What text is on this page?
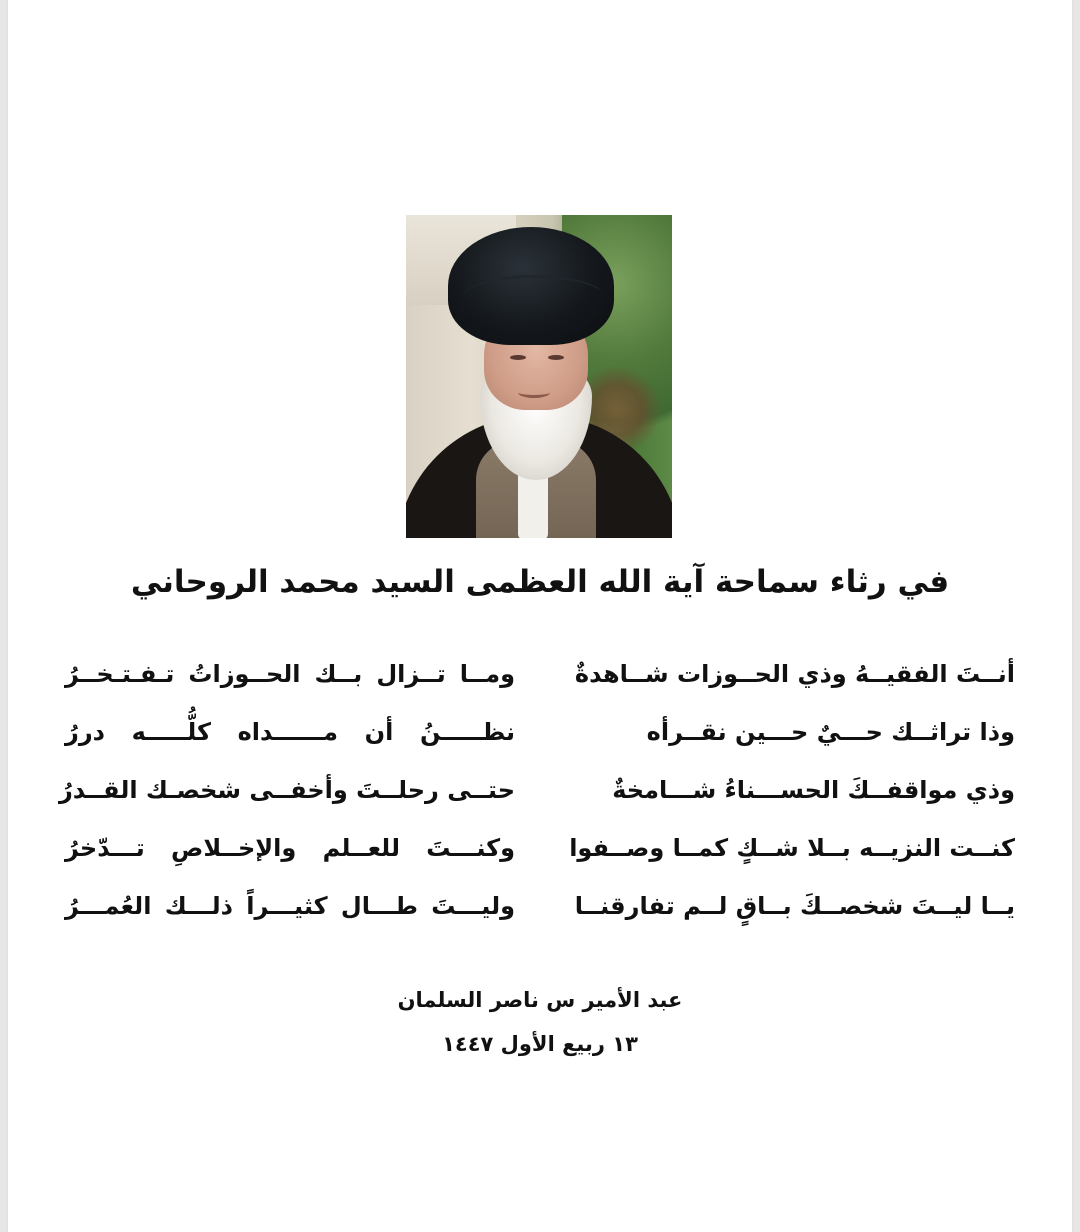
في رثاء سماحة آية الله العظمى السيد محمد الروحاني
أنــتَ الفقيــهُ وذي الحــوزات شــاهدةٌ
ومــا تــزال بــك الحــوزاتُ تـفـتـخــرُ
وذا تراثــك حـــيٌ حـــين نقــرأه
نظـــــنُ أن مــــــداه كلُّـــــه دررُ
وذي مواقفــكَ الحســـناءُ شـــامخةٌ
حتــى رحلــتَ وأخفــى شخصـك القــدرُ
كنــت النزيــه بــلا شــكٍ كمــا وصــفوا
وكنـــتَ للعــلم والإخــلاصِ تـــدّخرُ
يــا ليــتَ شخصــكَ بــاقٍ لــم تفارقنــا
وليـــتَ طـــال كثيـــراً ذلـــك العُمـــرُ
عبد الأمير س ناصر السلمان
١٣ ربيع الأول ١٤٤٧
